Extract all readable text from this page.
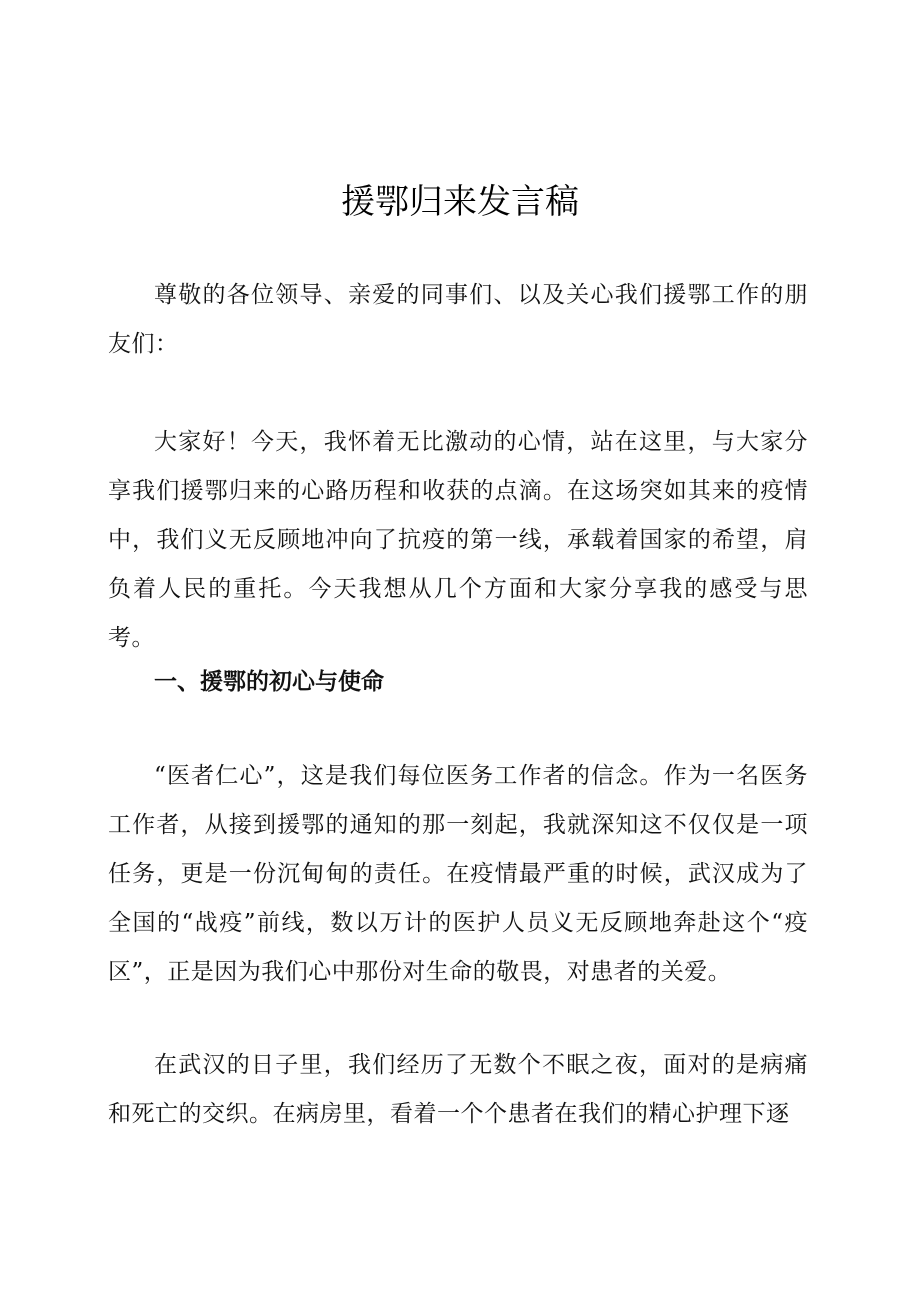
援鄂归来发言稿

尊敬的各位领导、亲爱的同事们、以及关心我们援鄂工作的朋友们：

大家好！今天，我怀着无比激动的心情，站在这里，与大家分享我们援鄂归来的心路历程和收获的点滴。在这场突如其来的疫情中，我们义无反顾地冲向了抗疫的第一线，承载着国家的希望，肩负着人民的重托。今天我想从几个方面和大家分享我的感受与思考。

一、援鄂的初心与使命

“医者仁心”，这是我们每位医务工作者的信念。作为一名医务工作者，从接到援鄂的通知的那一刻起，我就深知这不仅仅是一项任务，更是一份沉甸甸的责任。在疫情最严重的时候，武汉成为了全国的“战疫”前线，数以万计的医护人员义无反顾地奔赴这个“疫区”，正是因为我们心中那份对生命的敬畏，对患者的关爱。

在武汉的日子里，我们经历了无数个不眠之夜，面对的是病痛和死亡的交织。在病房里，看着一个个患者在我们的精心护理下逐
